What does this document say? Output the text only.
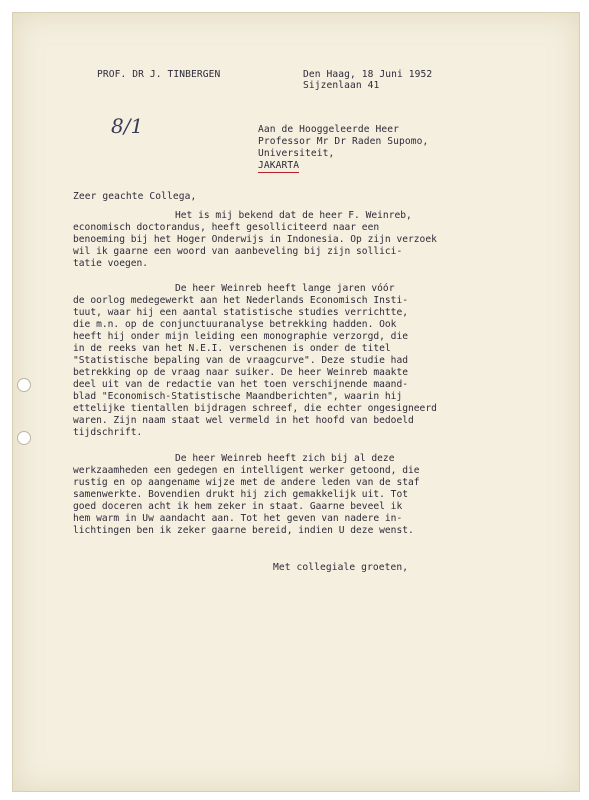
PROF. DR J. TINBERGEN	Den Haag, 18 Juni 1952
Sijzenlaan 41
8/1	Aan de Hooggeleerde Heer
Professor Mr Dr Raden Supomo,
Universiteit,
JAKARTA
Zeer geachte Collega,
Het is mij bekend dat de heer F. Weinreb,
economisch doctorandus, heeft gesolliciteerd naar een
benoeming bij het Hoger Onderwijs in Indonesia. Op zijn verzoek
wil ik gaarne een woord van aanbeveling bij zijn sollici-
tatie voegen.
De heer Weinreb heeft lange jaren vóór
de oorlog medegewerkt aan het Nederlands Economisch Insti-
tuut, waar hij een aantal statistische studies verrichtte,
die m.n. op de conjunctuuranalyse betrekking hadden. Ook
heeft hij onder mijn leiding een monographie verzorgd, die
in de reeks van het N.E.I. verschenen is onder de titel
"Statistische bepaling van de vraagcurve". Deze studie had
betrekking op de vraag naar suiker. De heer Weinreb maakte
deel uit van de redactie van het toen verschijnende maand-
blad "Economisch-Statistische Maandberichten", waarin hij
ettelijke tientallen bijdragen schreef, die echter ongesigneerd
waren. Zijn naam staat wel vermeld in het hoofd van bedoeld
tijdschrift.
De heer Weinreb heeft zich bij al deze
werkzaamheden een gedegen en intelligent werker getoond, die
rustig en op aangename wijze met de andere leden van de staf
samenwerkte. Bovendien drukt hij zich gemakkelijk uit. Tot
goed doceren acht ik hem zeker in staat. Gaarne beveel ik
hem warm in Uw aandacht aan. Tot het geven van nadere in-
lichtingen ben ik zeker gaarne bereid, indien U deze wenst.
Met collegiale groeten,
